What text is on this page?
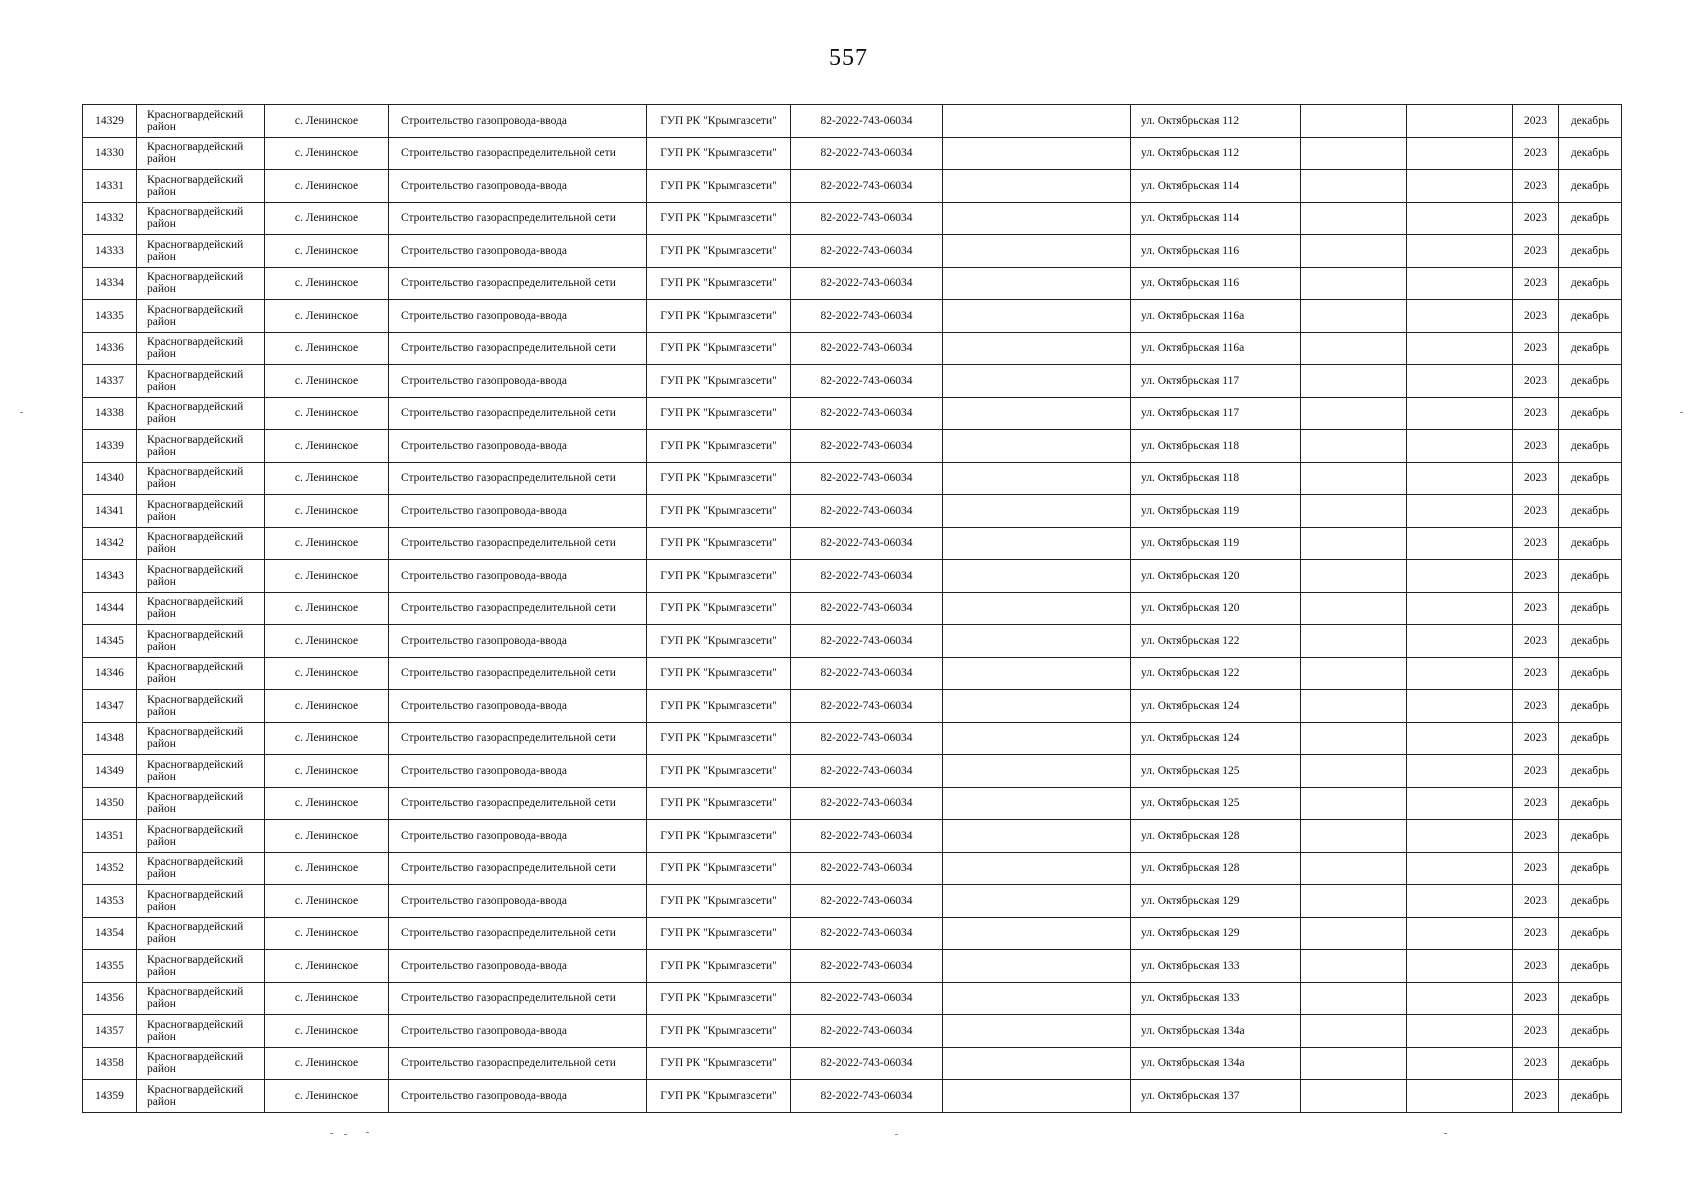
557
14329	Красногвардейский район	с. Ленинское	Строительство газопровода-ввода	ГУП РК "Крымгазсети"	82-2022-743-06034		ул. Октябрьская 112			2023	декабрь
14330	Красногвардейский район	с. Ленинское	Строительство газораспределительной сети	ГУП РК "Крымгазсети"	82-2022-743-06034		ул. Октябрьская 112			2023	декабрь
14331	Красногвардейский район	с. Ленинское	Строительство газопровода-ввода	ГУП РК "Крымгазсети"	82-2022-743-06034		ул. Октябрьская 114			2023	декабрь
14332	Красногвардейский район	с. Ленинское	Строительство газораспределительной сети	ГУП РК "Крымгазсети"	82-2022-743-06034		ул. Октябрьская 114			2023	декабрь
14333	Красногвардейский район	с. Ленинское	Строительство газопровода-ввода	ГУП РК "Крымгазсети"	82-2022-743-06034		ул. Октябрьская 116			2023	декабрь
14334	Красногвардейский район	с. Ленинское	Строительство газораспределительной сети	ГУП РК "Крымгазсети"	82-2022-743-06034		ул. Октябрьская 116			2023	декабрь
14335	Красногвардейский район	с. Ленинское	Строительство газопровода-ввода	ГУП РК "Крымгазсети"	82-2022-743-06034		ул. Октябрьская 116а			2023	декабрь
14336	Красногвардейский район	с. Ленинское	Строительство газораспределительной сети	ГУП РК "Крымгазсети"	82-2022-743-06034		ул. Октябрьская 116а			2023	декабрь
14337	Красногвардейский район	с. Ленинское	Строительство газопровода-ввода	ГУП РК "Крымгазсети"	82-2022-743-06034		ул. Октябрьская 117			2023	декабрь
14338	Красногвардейский район	с. Ленинское	Строительство газораспределительной сети	ГУП РК "Крымгазсети"	82-2022-743-06034		ул. Октябрьская 117			2023	декабрь
14339	Красногвардейский район	с. Ленинское	Строительство газопровода-ввода	ГУП РК "Крымгазсети"	82-2022-743-06034		ул. Октябрьская 118			2023	декабрь
14340	Красногвардейский район	с. Ленинское	Строительство газораспределительной сети	ГУП РК "Крымгазсети"	82-2022-743-06034		ул. Октябрьская 118			2023	декабрь
14341	Красногвардейский район	с. Ленинское	Строительство газопровода-ввода	ГУП РК "Крымгазсети"	82-2022-743-06034		ул. Октябрьская 119			2023	декабрь
14342	Красногвардейский район	с. Ленинское	Строительство газораспределительной сети	ГУП РК "Крымгазсети"	82-2022-743-06034		ул. Октябрьская 119			2023	декабрь
14343	Красногвардейский район	с. Ленинское	Строительство газопровода-ввода	ГУП РК "Крымгазсети"	82-2022-743-06034		ул. Октябрьская 120			2023	декабрь
14344	Красногвардейский район	с. Ленинское	Строительство газораспределительной сети	ГУП РК "Крымгазсети"	82-2022-743-06034		ул. Октябрьская 120			2023	декабрь
14345	Красногвардейский район	с. Ленинское	Строительство газопровода-ввода	ГУП РК "Крымгазсети"	82-2022-743-06034		ул. Октябрьская 122			2023	декабрь
14346	Красногвардейский район	с. Ленинское	Строительство газораспределительной сети	ГУП РК "Крымгазсети"	82-2022-743-06034		ул. Октябрьская 122			2023	декабрь
14347	Красногвардейский район	с. Ленинское	Строительство газопровода-ввода	ГУП РК "Крымгазсети"	82-2022-743-06034		ул. Октябрьская 124			2023	декабрь
14348	Красногвардейский район	с. Ленинское	Строительство газораспределительной сети	ГУП РК "Крымгазсети"	82-2022-743-06034		ул. Октябрьская 124			2023	декабрь
14349	Красногвардейский район	с. Ленинское	Строительство газопровода-ввода	ГУП РК "Крымгазсети"	82-2022-743-06034		ул. Октябрьская 125			2023	декабрь
14350	Красногвардейский район	с. Ленинское	Строительство газораспределительной сети	ГУП РК "Крымгазсети"	82-2022-743-06034		ул. Октябрьская 125			2023	декабрь
14351	Красногвардейский район	с. Ленинское	Строительство газопровода-ввода	ГУП РК "Крымгазсети"	82-2022-743-06034		ул. Октябрьская 128			2023	декабрь
14352	Красногвардейский район	с. Ленинское	Строительство газораспределительной сети	ГУП РК "Крымгазсети"	82-2022-743-06034		ул. Октябрьская 128			2023	декабрь
14353	Красногвардейский район	с. Ленинское	Строительство газопровода-ввода	ГУП РК "Крымгазсети"	82-2022-743-06034		ул. Октябрьская 129			2023	декабрь
14354	Красногвардейский район	с. Ленинское	Строительство газораспределительной сети	ГУП РК "Крымгазсети"	82-2022-743-06034		ул. Октябрьская 129			2023	декабрь
14355	Красногвардейский район	с. Ленинское	Строительство газопровода-ввода	ГУП РК "Крымгазсети"	82-2022-743-06034		ул. Октябрьская 133			2023	декабрь
14356	Красногвардейский район	с. Ленинское	Строительство газораспределительной сети	ГУП РК "Крымгазсети"	82-2022-743-06034		ул. Октябрьская 133			2023	декабрь
14357	Красногвардейский район	с. Ленинское	Строительство газопровода-ввода	ГУП РК "Крымгазсети"	82-2022-743-06034		ул. Октябрьская 134а			2023	декабрь
14358	Красногвардейский район	с. Ленинское	Строительство газораспределительной сети	ГУП РК "Крымгазсети"	82-2022-743-06034		ул. Октябрьская 134а			2023	декабрь
14359	Красногвардейский район	с. Ленинское	Строительство газопровода-ввода	ГУП РК "Крымгазсети"	82-2022-743-06034		ул. Октябрьская 137			2023	декабрь
